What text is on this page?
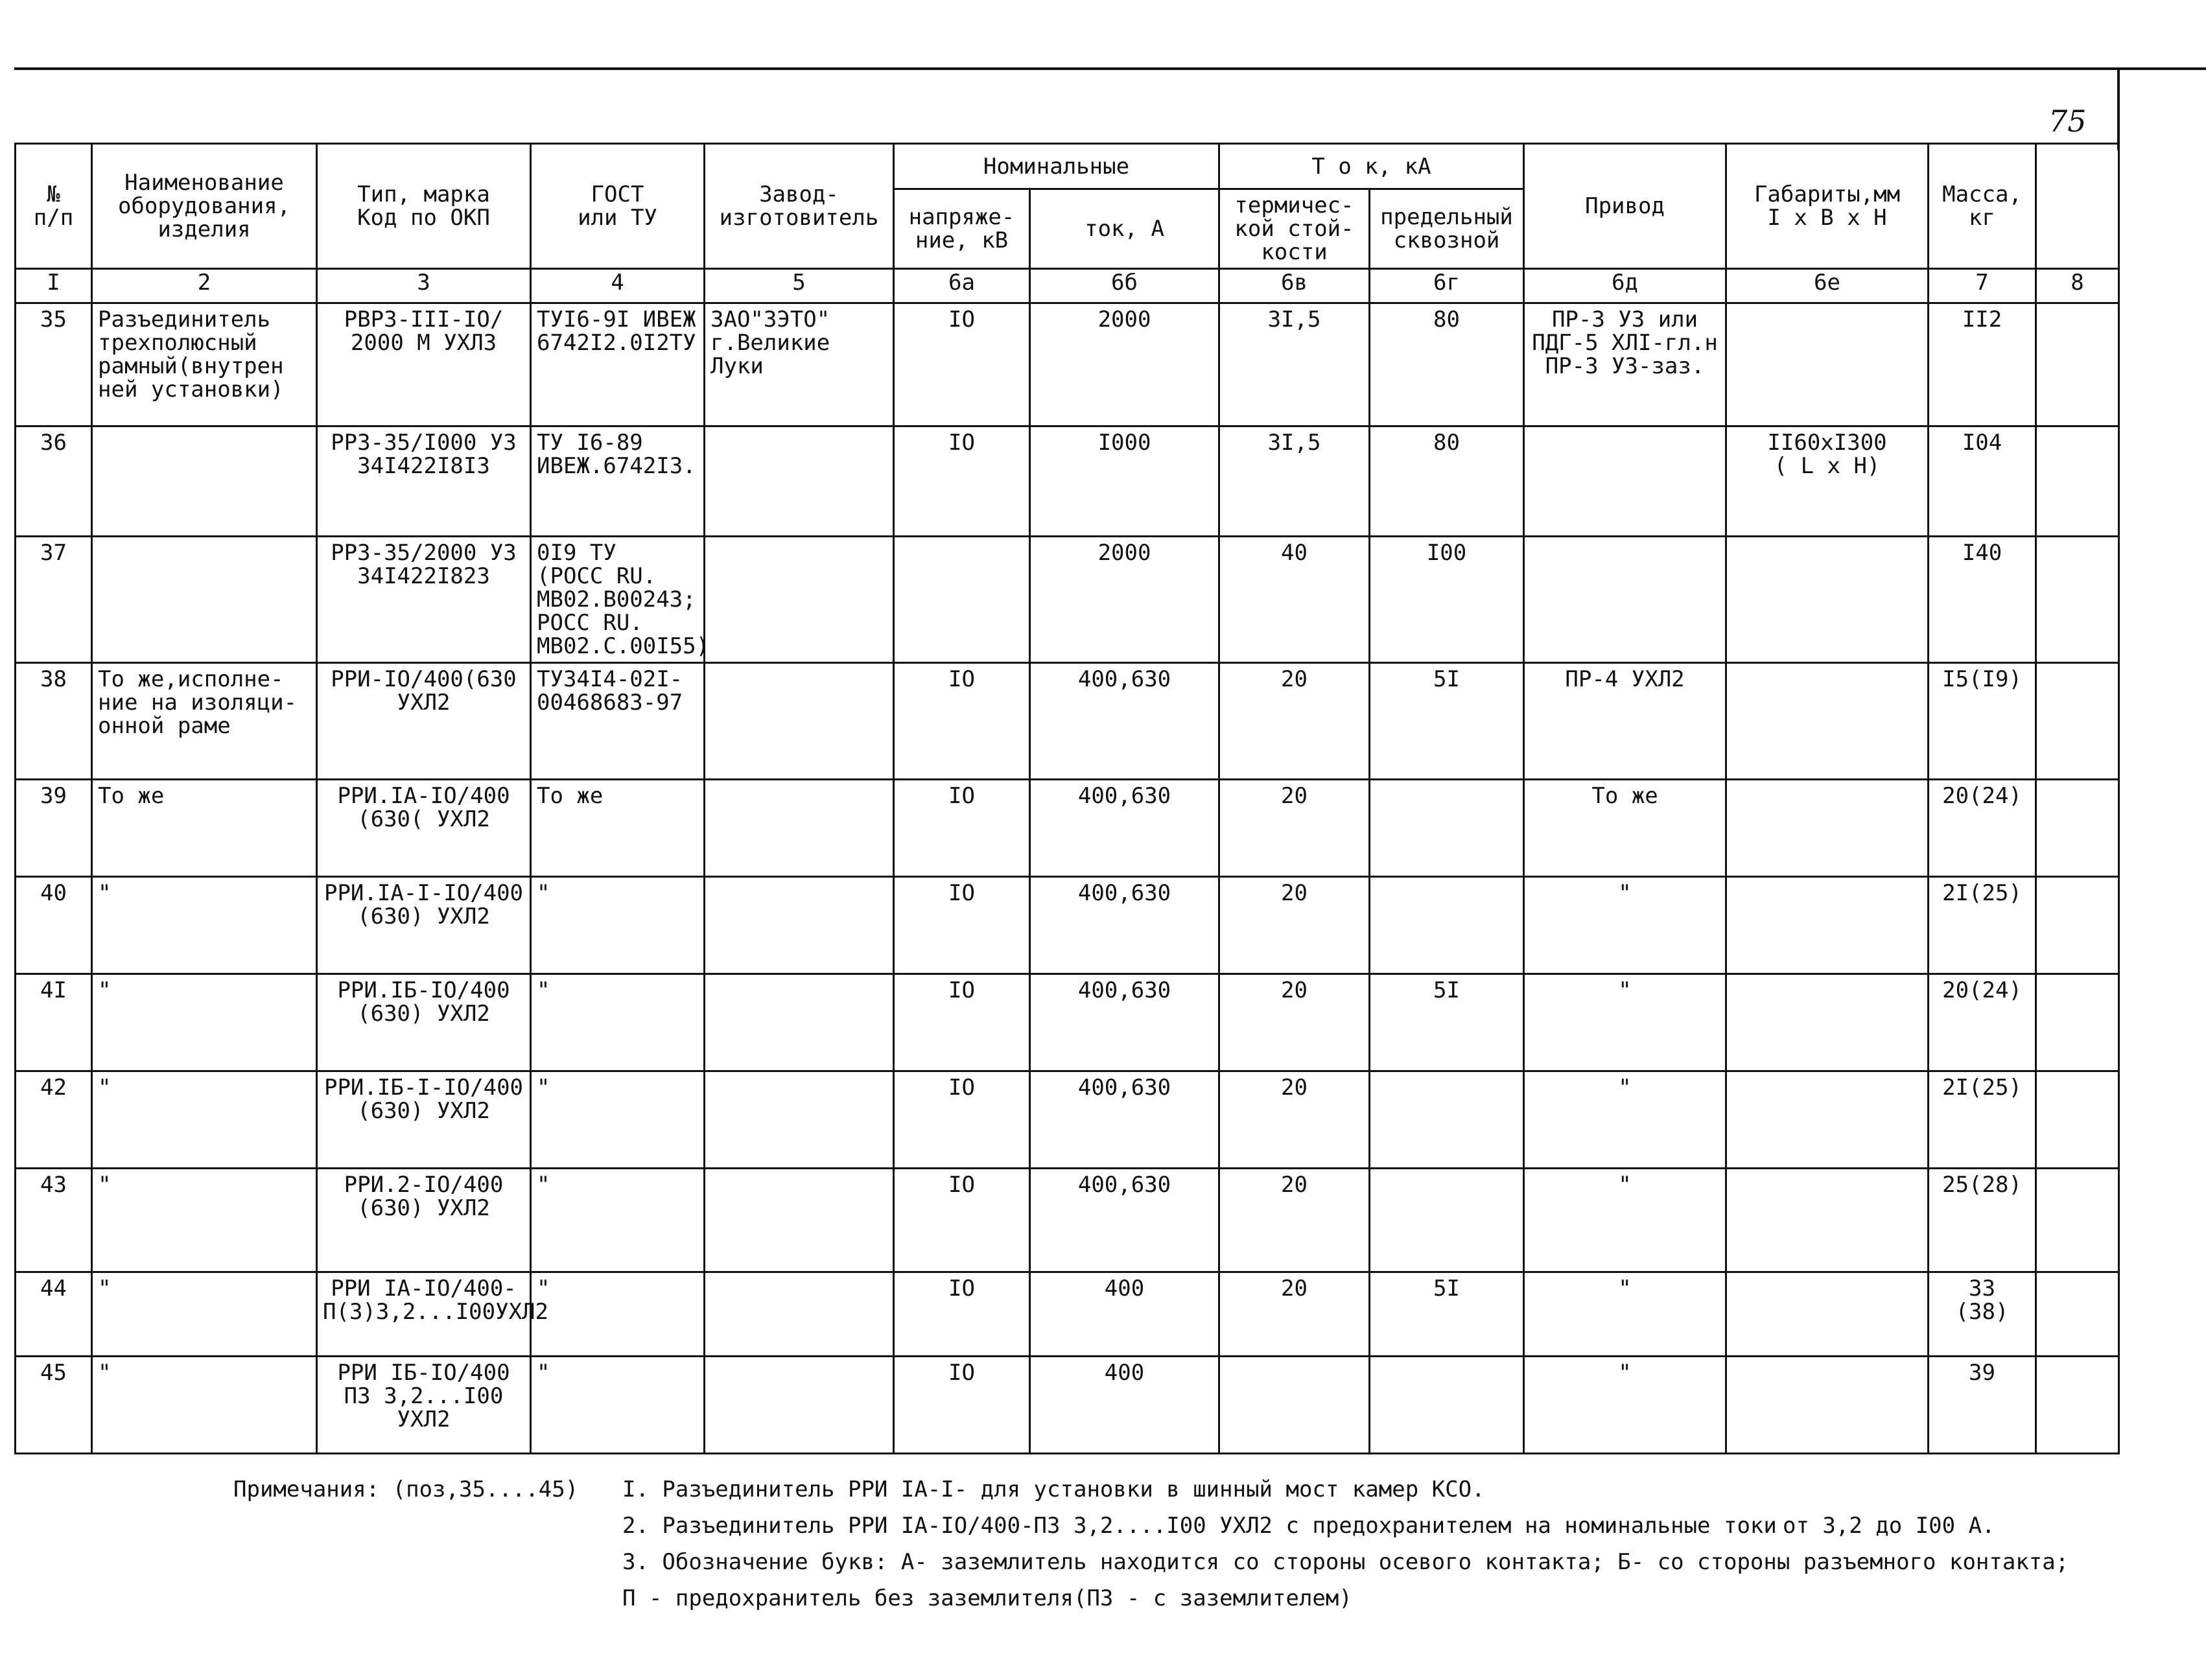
75
№
п/п	Наименование
оборудования,
изделия	Тип, марка
Код по ОКП	ГОСТ
или ТУ	Завод-
изготовитель	Номинальные		Т о к, кА		Привод	Габариты,мм
I x B x H	Масса,
кг	
					напряже-
ние, кВ	ток, А	термичес-
кой стой-
кости	предельный
сквозной				
I	2	3	4	5	6а	6б	6в	6г	6д	6е	7	8
35	Разъединитель
трехполюсный
рамный(внутрен
ней установки)	РВРЗ-III-IO/
2000 М УХЛЗ	ТУI6-9I ИВЕЖ
6742I2.0I2ТУ	ЗАО"ЗЭТО"
г.Великие
Луки	IO	2000	3I,5	80	ПР-3 УЗ или
ПДГ-5 ХЛI-гл.н
ПР-3 УЗ-заз.		II2	
36		РРЗ-35/I000 УЗ
34I422I8I3	ТУ I6-89
ИВЕЖ.6742I3.		IO	I000	3I,5	80		II60xI300
( L x H)	I04	
37		РРЗ-35/2000 УЗ
34I422I823	0I9 ТУ
(РОСС RU.
МВ02.В00243;
РОСС RU.
МВ02.С.00I55)			2000	40	I00			I40	
38	То же,исполне-
ние на изоляци-
онной раме	РРИ-IO/400(630
УХЛ2	ТУЗ4I4-02I-
00468683-97		IO	400,630	20	5I	ПР-4 УХЛ2		I5(I9)	
39	То же	РРИ.IA-IO/400
(630( УХЛ2	То же		IO	400,630	20		То же		20(24)	
40	"	РРИ.IA-I-IO/400
(630) УХЛ2	"		IO	400,630	20		"		2I(25)	
4I	"	РРИ.IБ-IO/400
(630) УХЛ2	"		IO	400,630	20	5I	"		20(24)	
42	"	РРИ.IБ-I-IO/400
(630) УХЛ2	"		IO	400,630	20		"		2I(25)	
43	"	РРИ.2-IO/400
(630) УХЛ2	"		IO	400,630	20		"		25(28)	
44	"	РРИ IA-IO/400-
П(З)3,2...I00УХЛ2	"		IO	400	20	5I	"		33
(38)	
45	"	РРИ IБ-IO/400
ПЗ 3,2...I00
УХЛ2	"		IO	400			"		39	
Примечания: (поз,35....45) I. Разъединитель РРИ IA-I- для установки в шинный мост камер КСО.
2. Разъединитель РРИ IA-IO/400-ПЗ 3,2....I00 УХЛ2 с предохранителем на номинальные токи от 3,2 до I00 А.
3. Обозначение букв: А- заземлитель находится со стороны осевого контакта; Б- со стороны разъемного контакта;
П - предохранитель без заземлителя(ПЗ - с заземлителем)
